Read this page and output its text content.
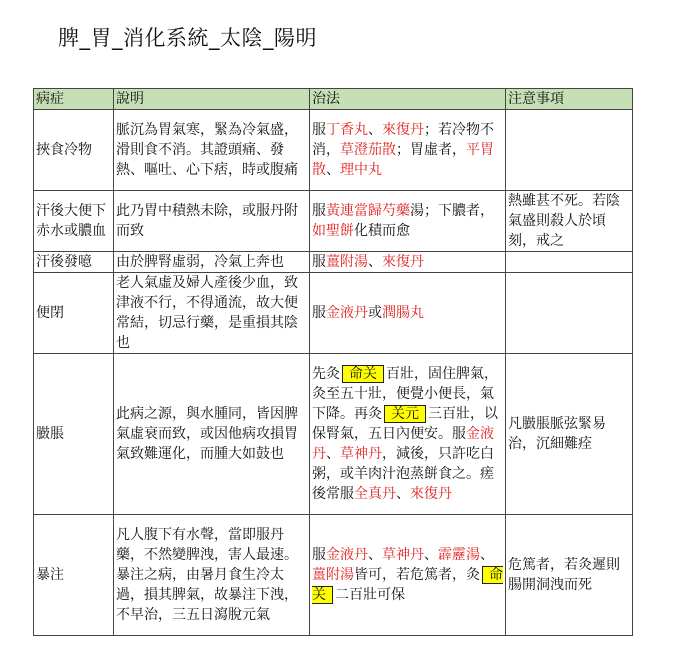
脾_胃_消化系統_太陰_陽明
病症	說明	治法	注意事項
挾食冷物	脈沉為胃氣寒，緊為冷氣盛，滑則食不消。其證頭痛、發熱、嘔吐、心下痞，時或腹痛	服丁香丸、來復丹；若冷物不消，草澄茄散；胃虛者，平胃散、理中丸	
汗後大便下赤水或膿血	此乃胃中積熱未除，或服丹附而致	服黃連當歸芍藥湯；下膿者，如聖餅化積而愈	熱雖甚不死。若陰氣盛則殺人於頃刻，戒之
汗後發噫	由於脾腎虛弱，冷氣上奔也	服薑附湯、來復丹	
便閉	老人氣虛及婦人產後少血，致津液不行，不得通流，故大便常結，切忌行藥，是重損其陰也	服金液丹或潤腸丸	
臌脹	此病之源，與水腫同，皆因脾氣虛衰而致，或因他病攻損胃氣致難運化，而腫大如鼓也	先灸 命关 百壯，固住脾氣，灸至五十壯，便覺小便長，氣下降。再灸 关元 三百壯，以保腎氣，五日內便安。服金液丹、草神丹，減後，只許吃白粥，或羊肉汁泡蒸餅食之。瘥後常服全真丹、來復丹	凡臌脹脈弦緊易治，沉細難痊
暴注	凡人腹下有水聲，當即服丹藥，不然變脾洩，害人最速。暴注之病，由暑月食生冷太過，損其脾氣，故暴注下洩，不早治，三五日瀉脫元氣	服金液丹、草神丹、霹靂湯、薑附湯皆可，若危篤者，灸 命关 二百壯可保	危篤者，若灸遲則腸開洞洩而死
